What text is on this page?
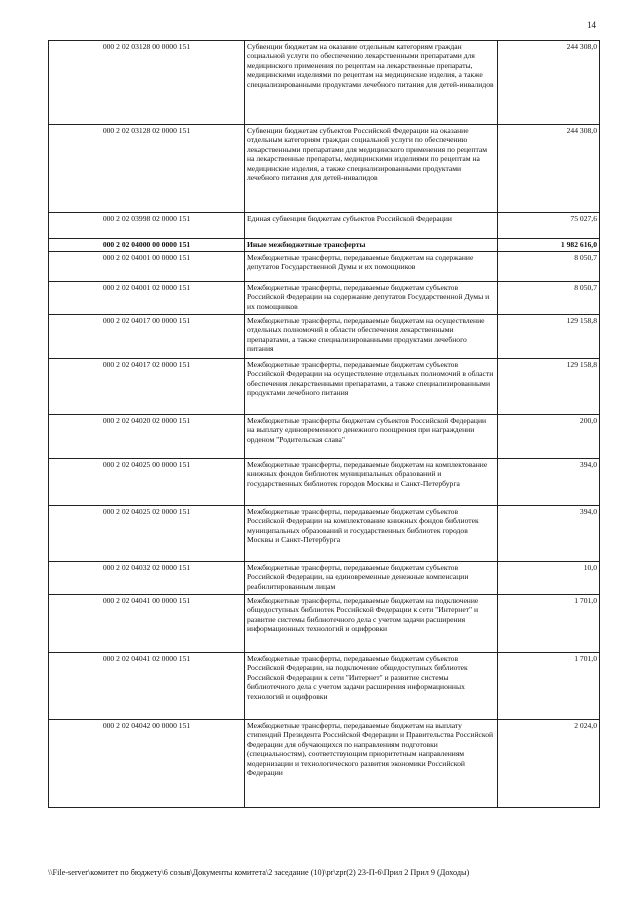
14
000 2 02 03128 00 0000 151	Субвенции бюджетам на оказание отдельным категориям граждан социальной услуги по обеспечению лекарственными препаратами для медицинского применения по рецептам на лекарственные препараты, медицинскими изделиями по рецептам на медицинские изделия, а также специализированными продуктами лечебного питания для детей-инвалидов	244 308,0
000 2 02 03128 02 0000 151	Субвенции бюджетам субъектов Российской Федерации на оказание отдельным категориям граждан социальной услуги по обеспечению лекарственными препаратами для медицинского применения по рецептам на лекарственные препараты, медицинскими изделиями по рецептам на медицинские изделия, а также специализированными продуктами лечебного питания для детей-инвалидов	244 308,0
000 2 02 03998 02 0000 151	Единая субвенция бюджетам субъектов Российской Федерации	75 027,6
000 2 02 04000 00 0000 151	Иные межбюджетные трансферты	1 982 616,0
000 2 02 04001 00 0000 151	Межбюджетные трансферты, передаваемые бюджетам на содержание депутатов Государственной Думы и их помощников	8 050,7
000 2 02 04001 02 0000 151	Межбюджетные трансферты, передаваемые бюджетам субъектов Российской Федерации на содержание депутатов Государственной Думы и их помощников	8 050,7
000 2 02 04017 00 0000 151	Межбюджетные трансферты, передаваемые бюджетам на осуществление отдельных полномочий в области обеспечения лекарственными препаратами, а также специализированными продуктами лечебного питания	129 158,8
000 2 02 04017 02 0000 151	Межбюджетные трансферты, передаваемые бюджетам субъектов Российской Федерации на осуществление отдельных полномочий в области обеспечения лекарственными препаратами, а также специализированными продуктами лечебного питания	129 158,8
000 2 02 04020 02 0000 151	Межбюджетные трансферты бюджетам субъектов Российской Федерации на выплату единовременного денежного поощрения при награждении орденом "Родительская слава"	200,0
000 2 02 04025 00 0000 151	Межбюджетные трансферты, передаваемые бюджетам на комплектование книжных фондов библиотек муниципальных образований и государственных библиотек городов Москвы и Санкт-Петербурга	394,0
000 2 02 04025 02 0000 151	Межбюджетные трансферты, передаваемые бюджетам субъектов Российской Федерации на комплектование книжных фондов библиотек муниципальных образований и государственных библиотек городов Москвы и Санкт-Петербурга	394,0
000 2 02 04032 02 0000 151	Межбюджетные трансферты, передаваемые бюджетам субъектов Российской Федерации, на единовременные денежные компенсации реабилитированным лицам	10,0
000 2 02 04041 00 0000 151	Межбюджетные трансферты, передаваемые бюджетам на подключение общедоступных библиотек Российской Федерации к сети "Интернет" и развитие системы библиотечного дела с учетом задачи расширения информационных технологий и оцифровки	1 701,0
000 2 02 04041 02 0000 151	Межбюджетные трансферты, передаваемые бюджетам субъектов Российской Федерации, на подключение общедоступных библиотек Российской Федерации к сети "Интернет" и развитие системы библиотечного дела с учетом задачи расширения информационных технологий и оцифровки	1 701,0
000 2 02 04042 00 0000 151	Межбюджетные трансферты, передаваемые бюджетам на выплату стипендий Президента Российской Федерации и Правительства Российской Федерации для обучающихся по направлениям подготовки (специальностям), соответствующим приоритетным направлениям модернизации и технологического развития экономики Российской Федерации	2 024,0
\\File-server\комитет по бюджету\6 созыв\Документы комитета\2 заседание (10)\pr\zpr(2) 23-П-6\Прил 2 Прил 9 (Доходы)
